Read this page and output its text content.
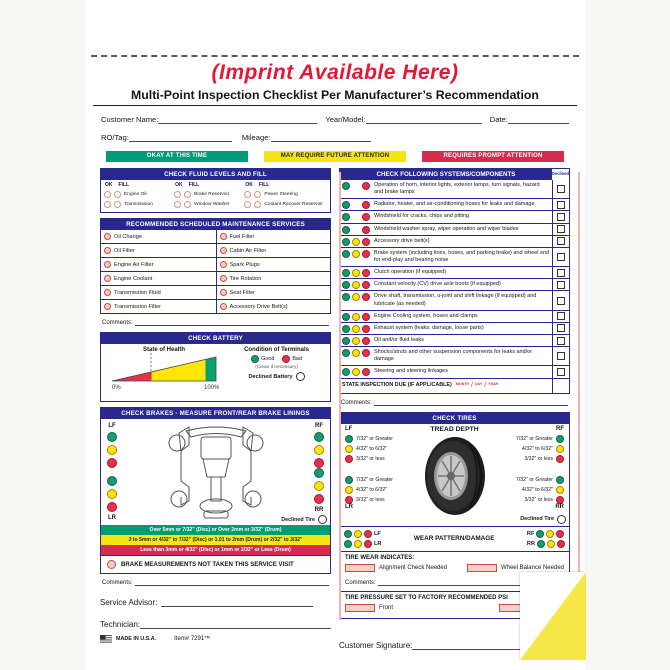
(Imprint Available Here)
Multi-Point Inspection Checklist Per Manufacturer’s Recommendation
Customer Name:	Year/Model:	Date:
RO/Tag:	Mileage:
OKAY AT THIS TIME	MAY REQUIRE FUTURE ATTENTION	REQUIRES PROMPT ATTENTION
CHECK FLUID LEVELS AND FILL
OK FILL
Engine Oil
Transmission
OK FILL
Brake Reservoir
Window Washer
OK FILL
Power Steering
Coolant Recover Reservoir
RECOMMENDED SCHEDULED MAINTENANCE SERVICES
Oil Change	Fuel Filter
Oil Filter	Cabin Air Filter
Engine Air Filter	Spark Plugs
Engine Coolant	Tire Rotation
Transmission Fluid	Seat Filter
Transmission Filter	Accessory Drive Belt(s)
Comments:
CHECK BATTERY
State of Health
0%	100%
Condition of Terminals
Good	Bad
(Clean if necessary)
Declined Battery
CHECK BRAKES - MEASURE FRONT/REAR BRAKE LININGS
LF
LR
RF
RR
Declined Tire
Over 5mm or 7/32" (Disc) or Over 2mm or 3/32" (Drum)
3 to 5mm or 4/32" to 7/32" (Disc) or 1.01 to 2mm (Drum) or 2/32" to 3/32"
Less than 3mm or 4/32" (Disc) or 1mm or 2/32" or Less (Drum)
BRAKE MEASUREMENTS NOT TAKEN THIS SERVICE VISIT
Comments:
Service Advisor:
Technician:
MADE IN U.S.A.	Item# 7291™
CHECK FOLLOWING SYSTEMS/COMPONENTS	Declined
Operation of horn, interior lights, exterior lamps, turn signals, hazard and brake lamps
Radiator, heater, and air-conditioning hoses for leaks and damage
Windshield for cracks, chips and pitting
Windshield washer spray, wiper operation and wiper blades
Accessory drive belt(s)
Brake system (including lines, hoses, and parking brake) and wheel end for end-play and bearing noise
Clutch operation (if equipped)
Constant velocity (CV) drive axle boots (if equipped)
Drive shaft, transmission, u-joint and shift linkage (if equipped) and lubricate (as needed)
Engine Cooling system, hoses and clamps
Exhaust system (leaks, damage, loose parts)
Oil and/or fluid leaks
Shocks/struts and other suspension components for leaks and/or damage
Steering and steering linkages
STATE INSPECTION DUE (IF APPLICABLE) MONTH / DAY / YEAR
Comments:
CHECK TIRES
TREAD DEPTH
LF	RF
7/32" or Greater
4/32" to 6/32"
3/32" or less
7/32" or Greater
4/32" to 6/32"
3/32" or less
LR
7/32" or Greater
4/32" to 6/32"
3/32" or less
7/32" or Greater
4/32" to 6/32"
3/32" or less
RR
Declined Tire
LF
LR
WEAR PATTERN/DAMAGE
RF
RR
TIRE WEAR INDICATES:
Alignment Check Needed	Wheel Balance Needed
Comments:
TIRE PRESSURE SET TO FACTORY RECOMMENDED PSI
Front
Customer Signature:
